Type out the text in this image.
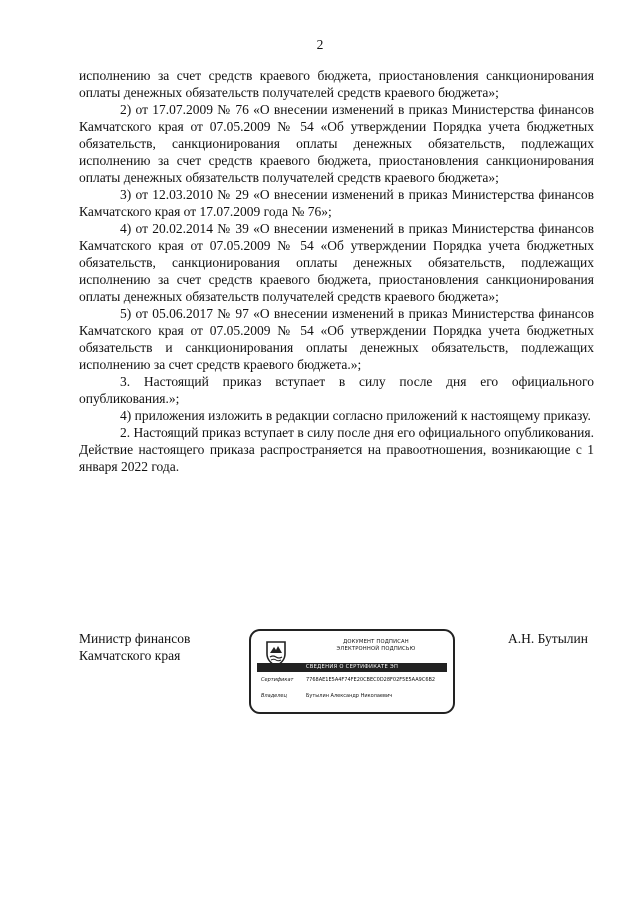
2

исполнению за счет средств краевого бюджета, приостановления санкционирования оплаты денежных обязательств получателей средств краевого бюджета»;

2) от 17.07.2009 № 76 «О внесении изменений в приказ Министерства финансов Камчатского края от 07.05.2009 № 54 «Об утверждении Порядка учета бюджетных обязательств, санкционирования оплаты денежных обязательств, подлежащих исполнению за счет средств краевого бюджета, приостановления санкционирования оплаты денежных обязательств получателей средств краевого бюджета»;

3) от 12.03.2010 № 29 «О внесении изменений в приказ Министерства финансов Камчатского края от 17.07.2009 года № 76»;

4) от 20.02.2014 № 39 «О внесении изменений в приказ Министерства финансов Камчатского края от 07.05.2009 № 54 «Об утверждении Порядка учета бюджетных обязательств, санкционирования оплаты денежных обязательств, подлежащих исполнению за счет средств краевого бюджета, приостановления санкционирования оплаты денежных обязательств получателей средств краевого бюджета»;

5) от 05.06.2017 № 97 «О внесении изменений в приказ Министерства финансов Камчатского края от 07.05.2009 № 54 «Об утверждении Порядка учета бюджетных обязательств и санкционирования оплаты денежных обязательств, подлежащих исполнению за счет средств краевого бюджета.»;

3. Настоящий приказ вступает в силу после дня его официального опубликования.»;

4) приложения изложить в редакции согласно приложений к настоящему приказу.

2. Настоящий приказ вступает в силу после дня его официального опубликования. Действие настоящего приказа распространяется на правоотношения, возникающие с 1 января 2022 года.

Министр финансов
Камчатского края
ДОКУМЕНТ ПОДПИСАН
ЭЛЕКТРОННОЙ ПОДПИСЬЮ
СВЕДЕНИЯ О СЕРТИФИКАТЕ ЭП
Сертификат	7768AE1E5A4F74FE20CBEC0D28F02F5E5AA9C6B2
Владелец	Бутылин Александр Николаевич
А.Н. Бутылин
